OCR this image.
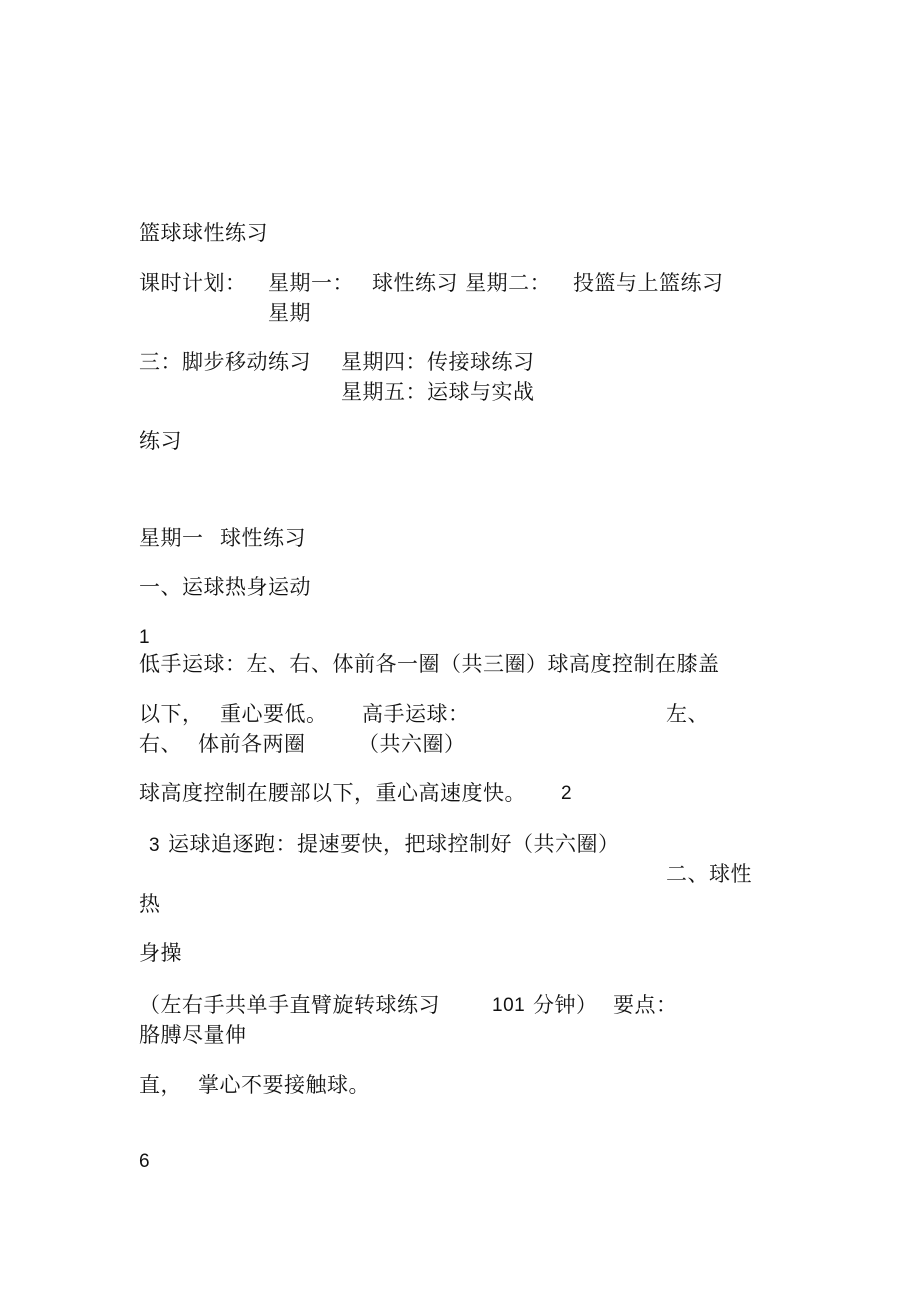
篮球球性练习
课时计划： 星期一： 球性练习 星期二： 投篮与上篮练习
星期
三：脚步移动练习 星期四：传接球练习
星期五：运球与实战
练习
星期一 球性练习
一、运球热身运动
1
低手运球：左、右、体前各一圈（共三圈）球高度控制在膝盖
以下， 重心要低。 高手运球：	左、
右、 体前各两圈	（共六圈）
球高度控制在腰部以下，重心高速度快。 2
3 运球追逐跑：提速要快，把球控制好（共六圈）
二、球性
热
身操
（左右手共单手直臂旋转球练习	101 分钟） 要点：
胳膊尽量伸
直， 掌心不要接触球。
6
